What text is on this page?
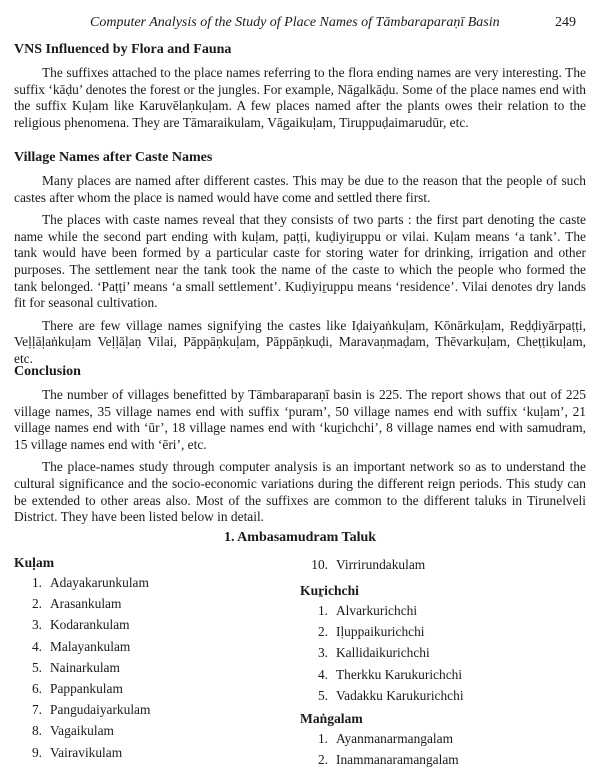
Computer Analysis of the Study of Place Names of Tāmbaraparaṇī Basin	249
VNS Influenced by Flora and Fauna

The suffixes attached to the place names referring to the flora ending names are very interesting. The suffix ‘kāḍu’ denotes the forest or the jungles. For example, Nāgalkāḍu. Some of the place names end with the suffix Kuḷam like Karuvēlaṇkuḷam. A few places named after the plants owes their relation to the religious phenomena. They are Tāmaraikulam, Vāgaikuḷam, Tiruppuḍaimarudūr, etc.

Village Names after Caste Names

Many places are named after different castes. This may be due to the reason that the people of such castes after whom the place is named would have come and settled there first.

The places with caste names reveal that they consists of two parts : the first part denoting the caste name while the second part ending with kuḷam, paṭṭi, kuḍiyiṟuppu or vilai. Kuḷam means ‘a tank’. The tank would have been formed by a particular caste for storing water for drinking, irrigation and other purposes. The settlement near the tank took the name of the caste to which the people who formed the tank belonged. ‘Paṭṭi’ means ‘a small settlement’. Kuḍiyiṟuppu means ‘residence’. Vilai denotes dry lands fit for seasonal cultivation.

There are few village names signifying the castes like Iḍaiyaṅkuḷam, Kōnārkuḷam, Reḍḍiyārpaṭṭi, Veḷḷāḷaṅkuḷam Veḷḷāḷaṇ Vilai, Pāppāṇkuḷam, Pāppāṇkuḍi, Maravaṇmaḍam, Thēvarkuḷam, Cheṭṭikuḷam, etc.

Conclusion

The number of villages benefitted by Tāmbaraparaṇī basin is 225. The report shows that out of 225 village names, 35 village names end with suffix ‘puram’, 50 village names end with suffix ‘kuḷam’, 21 village names end with ‘ūr’, 18 village names end with ‘kuṟichchi’, 8 village names end with samudram, 15 village names end with ‘ēri’, etc.

The place-names study through computer analysis is an important network so as to understand the cultural significance and the socio-economic variations during the different reign periods. This study can be extended to other areas also. Most of the suffixes are common to the different taluks in Tirunelveli District. They have been listed below in detail.

1. Ambasamudram Taluk
Kuḷam
1. Adayakarunkulam
2. Arasankulam
3. Kodarankulam
4. Malayankulam
5. Nainarkulam
6. Pappankulam
7. Pangudaiyarkulam
8. Vagaikulam
9. Vairavikulam
10. Virrirundakulam
Kuṟichchi
1. Alvarkurichchi
2. Iḷuppaikurichchi
3. Kallidaikurichchi
4. Therkku Karukurichchi
5. Vadakku Karukurichchi
Maṅgalam
1. Ayanmanarmangalam
2. Inammanaramangalam
